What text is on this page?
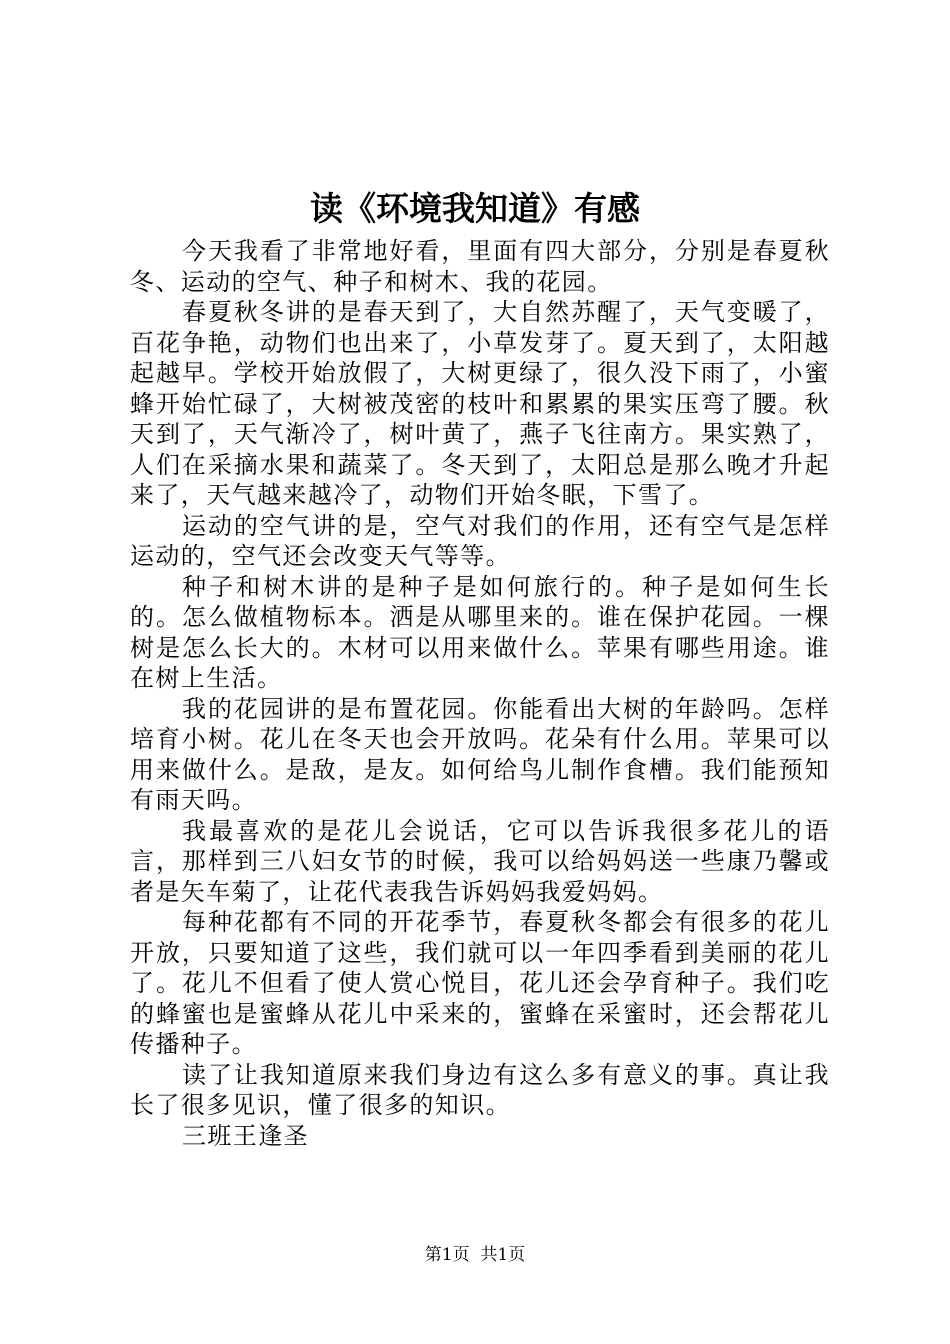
读《环境我知道》有感

今天我看了非常地好看，里面有四大部分，分别是春夏秋冬、运动的空气、种子和树木、我的花园。

春夏秋冬讲的是春天到了，大自然苏醒了，天气变暖了，百花争艳，动物们也出来了，小草发芽了。夏天到了，太阳越起越早。学校开始放假了，大树更绿了，很久没下雨了，小蜜蜂开始忙碌了，大树被茂密的枝叶和累累的果实压弯了腰。秋天到了，天气渐冷了，树叶黄了，燕子飞往南方。果实熟了，人们在采摘水果和蔬菜了。冬天到了，太阳总是那么晚才升起来了，天气越来越冷了，动物们开始冬眠，下雪了。

运动的空气讲的是，空气对我们的作用，还有空气是怎样运动的，空气还会改变天气等等。

种子和树木讲的是种子是如何旅行的。种子是如何生长的。怎么做植物标本。洒是从哪里来的。谁在保护花园。一棵树是怎么长大的。木材可以用来做什么。苹果有哪些用途。谁在树上生活。

我的花园讲的是布置花园。你能看出大树的年龄吗。怎样培育小树。花儿在冬天也会开放吗。花朵有什么用。苹果可以用来做什么。是敌，是友。如何给鸟儿制作食槽。我们能预知有雨天吗。

我最喜欢的是花儿会说话，它可以告诉我很多花儿的语言，那样到三八妇女节的时候，我可以给妈妈送一些康乃馨或者是矢车菊了，让花代表我告诉妈妈我爱妈妈。

每种花都有不同的开花季节，春夏秋冬都会有很多的花儿开放，只要知道了这些，我们就可以一年四季看到美丽的花儿了。花儿不但看了使人赏心悦目，花儿还会孕育种子。我们吃的蜂蜜也是蜜蜂从花儿中采来的，蜜蜂在采蜜时，还会帮花儿传播种子。

读了让我知道原来我们身边有这么多有意义的事。真让我长了很多见识，懂了很多的知识。

三班王逢圣

第1页  共1页
